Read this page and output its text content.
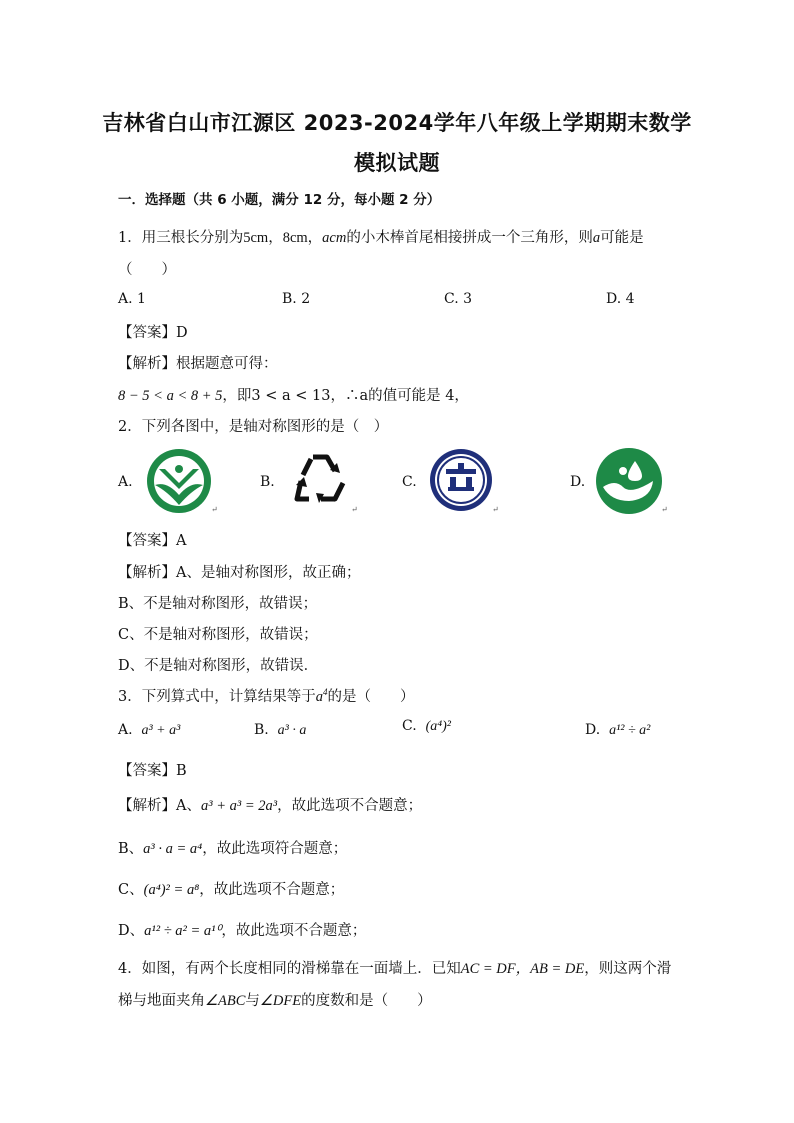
吉林省白山市江源区 2023-2024学年八年级上学期期末数学
模拟试题
一．选择题（共 6 小题，满分 12 分，每小题 2 分）
1．用三根长分别为5cm，8cm，acm的小木棒首尾相接拼成一个三角形，则a可能是
（　　）
A. 1	B. 2	C. 3	D. 4
【答案】D
【解析】根据题意可得：
8 − 5 < a < 8 + 5，即3 < a < 13，∴a的值可能是 4，
2．下列各图中，是轴对称图形的是（　）
A.	B.	C.	D.
↵	↵	↵	↵
【答案】A
【解析】A、是轴对称图形，故正确；
B、不是轴对称图形，故错误；
C、不是轴对称图形，故错误；
D、不是轴对称图形，故错误．
3．下列算式中，计算结果等于$a^4$的是（　　）
A. a³ + a³	B. a³ · a	C. (a⁴)²	D. a¹² ÷ a²
【答案】B
【解析】A、a³ + a³ = 2a³，故此选项不合题意；
B、a³ · a = a⁴，故此选项符合题意；
C、(a⁴)² = a⁸，故此选项不合题意；
D、a¹² ÷ a² = a¹⁰，故此选项不合题意；
4．如图，有两个长度相同的滑梯靠在一面墙上．已知AC = DF，AB = DE，则这两个滑
梯与地面夹角∠ABC与∠DFE的度数和是（　　）
